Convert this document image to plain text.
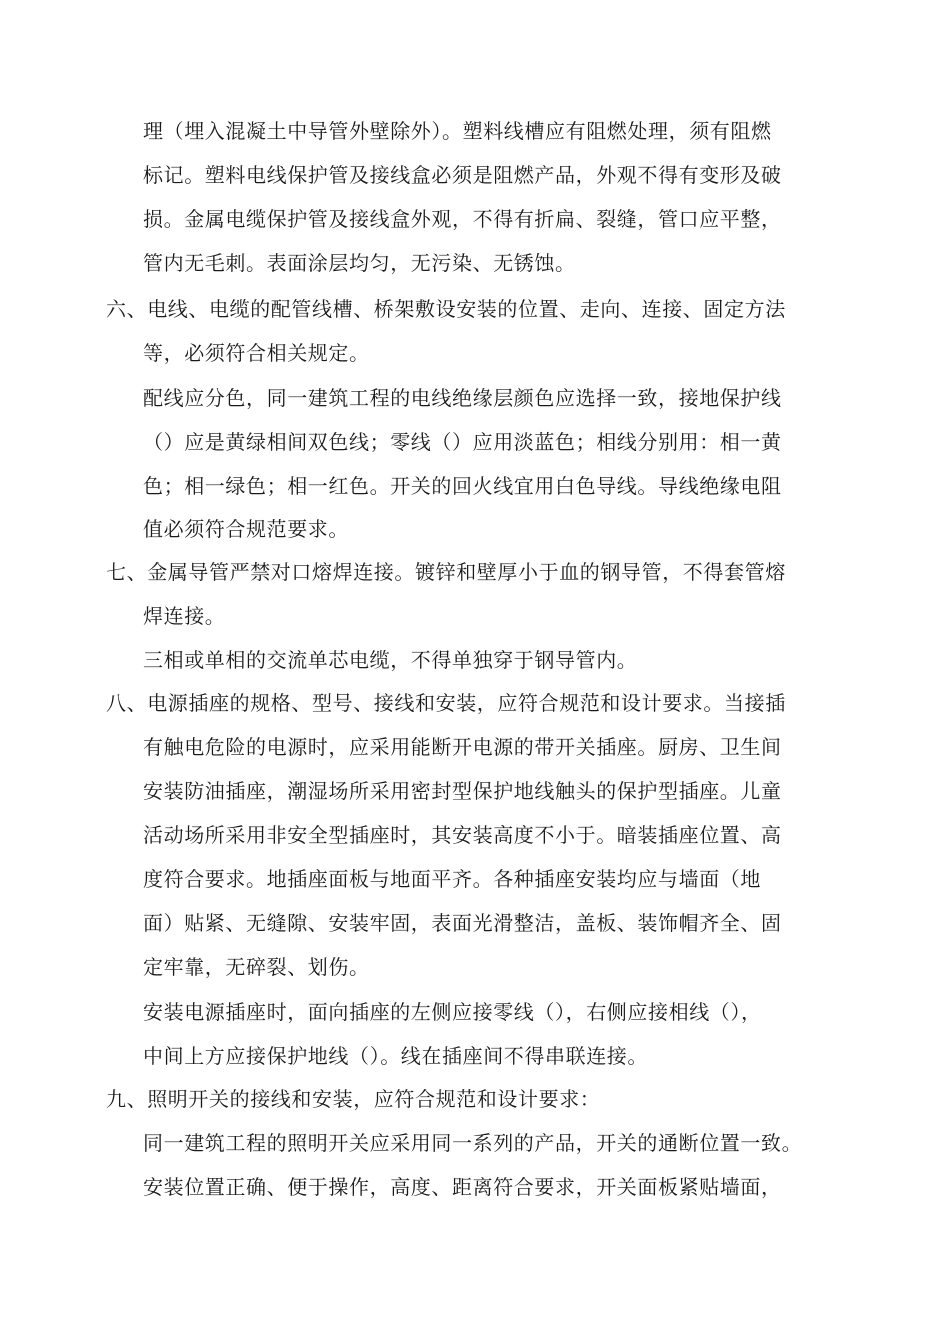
理（埋入混凝土中导管外壁除外）。塑料线槽应有阻燃处理，须有阻燃
标记。塑料电线保护管及接线盒必须是阻燃产品，外观不得有变形及破
损。金属电缆保护管及接线盒外观，不得有折扁、裂缝，管口应平整，
管内无毛刺。表面涂层均匀，无污染、无锈蚀。
六、电线、电缆的配管线槽、桥架敷设安装的位置、走向、连接、固定方法
等，必须符合相关规定。
配线应分色，同一建筑工程的电线绝缘层颜色应选择一致，接地保护线
（）应是黄绿相间双色线；零线（）应用淡蓝色；相线分别用：相一黄
色；相一绿色；相一红色。开关的回火线宜用白色导线。导线绝缘电阻
值必须符合规范要求。
七、金属导管严禁对口熔焊连接。镀锌和壁厚小于血的钢导管，不得套管熔
焊连接。
三相或单相的交流单芯电缆，不得单独穿于钢导管内。
八、电源插座的规格、型号、接线和安装，应符合规范和设计要求。当接插
有触电危险的电源时，应采用能断开电源的带开关插座。厨房、卫生间
安装防油插座，潮湿场所采用密封型保护地线触头的保护型插座。儿童
活动场所采用非安全型插座时，其安装高度不小于。暗装插座位置、高
度符合要求。地插座面板与地面平齐。各种插座安装均应与墙面（地
面）贴紧、无缝隙、安装牢固，表面光滑整洁，盖板、装饰帽齐全、固
定牢靠，无碎裂、划伤。
安装电源插座时，面向插座的左侧应接零线（），右侧应接相线（），
中间上方应接保护地线（）。线在插座间不得串联连接。
九、照明开关的接线和安装，应符合规范和设计要求：
同一建筑工程的照明开关应采用同一系列的产品，开关的通断位置一致。
安装位置正确、便于操作，高度、距离符合要求，开关面板紧贴墙面，
